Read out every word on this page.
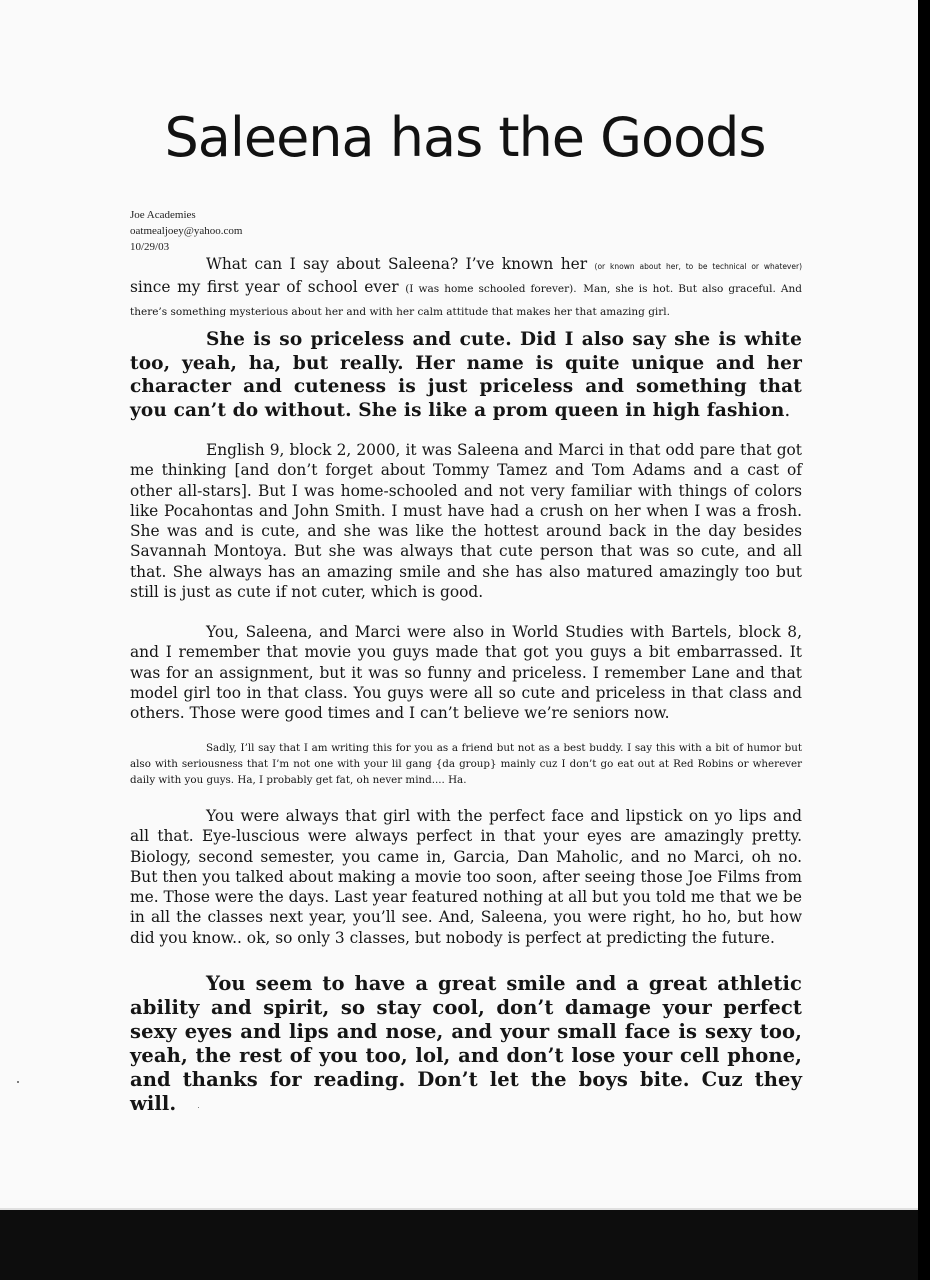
Saleena has the Goods
Joe Academies
oatmealjoey@yahoo.com
10/29/03
What can I say about Saleena? I’ve known her (or known about her, to be technical or whatever) since my first year of school ever (I was home schooled forever). Man, she is hot. But also graceful. And there’s something mysterious about her and with her calm attitude that makes her that amazing girl.
She is so priceless and cute. Did I also say she is white too, yeah, ha, but really. Her name is quite unique and her character and cuteness is just priceless and something that you can’t do without. She is like a prom queen in high fashion.
English 9, block 2, 2000, it was Saleena and Marci in that odd pare that got me thinking [and don’t forget about Tommy Tamez and Tom Adams and a cast of other all-stars]. But I was home-schooled and not very familiar with things of colors like Pocahontas and John Smith. I must have had a crush on her when I was a frosh. She was and is cute, and she was like the hottest around back in the day besides Savannah Montoya. But she was always that cute person that was so cute, and all that. She always has an amazing smile and she has also matured amazingly too but still is just as cute if not cuter, which is good.
You, Saleena, and Marci were also in World Studies with Bartels, block 8, and I remember that movie you guys made that got you guys a bit embarrassed. It was for an assignment, but it was so funny and priceless. I remember Lane and that model girl too in that class. You guys were all so cute and priceless in that class and others. Those were good times and I can’t believe we’re seniors now.
Sadly, I’ll say that I am writing this for you as a friend but not as a best buddy. I say this with a bit of humor but also with seriousness that I’m not one with your lil gang {da group} mainly cuz I don’t go eat out at Red Robins or wherever daily with you guys. Ha, I probably get fat, oh never mind.... Ha.
You were always that girl with the perfect face and lipstick on yo lips and all that. Eye-luscious were always perfect in that your eyes are amazingly pretty. Biology, second semester, you came in, Garcia, Dan Maholic, and no Marci, oh no. But then you talked about making a movie too soon, after seeing those Joe Films from me. Those were the days. Last year featured nothing at all but you told me that we be in all the classes next year, you’ll see. And, Saleena, you were right, ho ho, but how did you know.. ok, so only 3 classes, but nobody is perfect at predicting the future.
You seem to have a great smile and a great athletic ability and spirit, so stay cool, don’t damage your perfect sexy eyes and lips and nose, and your small face is sexy too, yeah, the rest of you too, lol, and don’t lose your cell phone, and thanks for reading. Don’t let the boys bite. Cuz they will.
